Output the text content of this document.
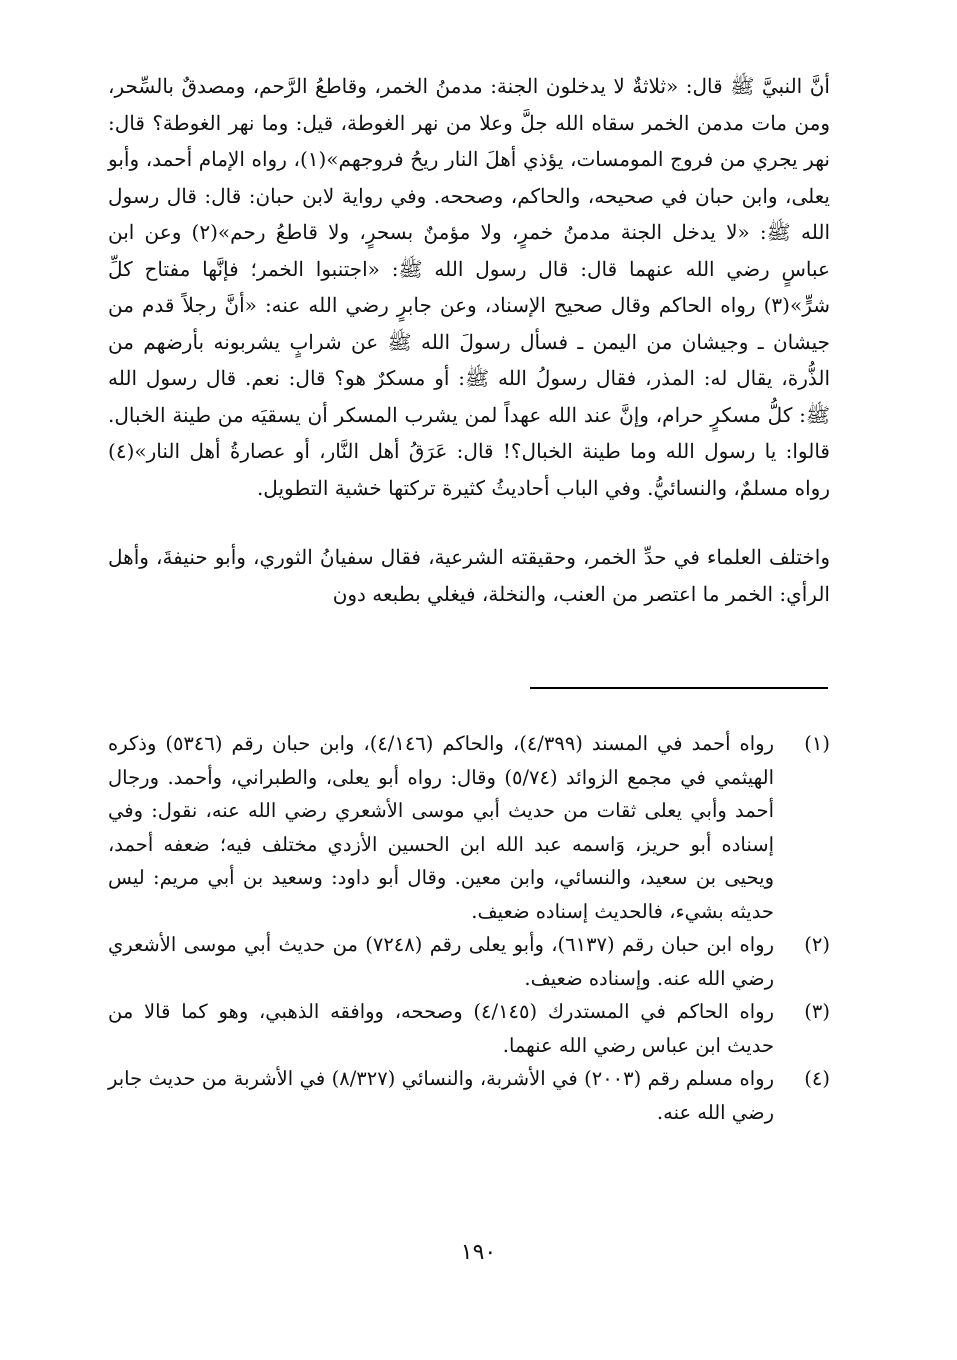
أنَّ النبيَّ ﷺ قال: «ثلاثةٌ لا يدخلون الجنة: مدمنُ الخمر، وقاطعُ الرَّحم، ومصدقٌ بالسِّحر، ومن مات مدمن الخمر سقاه الله جلَّ وعلا من نهر الغوطة، قيل: وما نهر الغوطة؟ قال: نهر يجري من فروج المومسات، يؤذي أهلَ النار ريحُ فروجهم»(١)، رواه الإمام أحمد، وأبو يعلى، وابن حبان في صحيحه، والحاكم، وصححه. وفي رواية لابن حبان: قال: قال رسول الله ﷺ: «لا يدخل الجنة مدمنُ خمرٍ، ولا مؤمنٌ بسحرٍ، ولا قاطعُ رحم»(٢) وعن ابن عباسٍ رضي الله عنهما قال: قال رسول الله ﷺ: «اجتنبوا الخمر؛ فإنَّها مفتاح كلِّ شرٍّ»(٣) رواه الحاكم وقال صحيح الإسناد، وعن جابرٍ رضي الله عنه: «أنَّ رجلاً قدم من جيشان ـ وجيشان من اليمن ـ فسأل رسولَ الله ﷺ عن شرابٍ يشربونه بأرضهم من الذُّرة، يقال له: المذر، فقال رسولُ الله ﷺ: أو مسكرٌ هو؟ قال: نعم. قال رسول الله ﷺ: كلُّ مسكرٍ حرام، وإنَّ عند الله عهداً لمن يشرب المسكر أن يسقيَه من طينة الخبال. قالوا: يا رسول الله وما طينة الخبال؟! قال: عَرَقُ أهل النَّار، أو عصارةُ أهل النار»(٤) رواه مسلمٌ، والنسائيُّ. وفي الباب أحاديثُ كثيرة تركتها خشية التطويل.

واختلف العلماء في حدِّ الخمر، وحقيقته الشرعية، فقال سفيانُ الثوري، وأبو حنيفةَ، وأهل الرأي: الخمر ما اعتصر من العنب، والنخلة، فيغلي بطبعه دون

(١)
رواه أحمد في المسند (٤/٣٩٩)، والحاكم (٤/١٤٦)، وابن حبان رقم (٥٣٤٦) وذكره الهيثمي في مجمع الزوائد (٥/٧٤) وقال: رواه أبو يعلى، والطبراني، وأحمد. ورجال أحمد وأبي يعلى ثقات من حديث أبي موسى الأشعري رضي الله عنه، نقول: وفي إسناده أبو حريز، وَاسمه عبد الله ابن الحسين الأزدي مختلف فيه؛ ضعفه أحمد، ويحيى بن سعيد، والنسائي، وابن معين. وقال أبو داود: وسعيد بن أبي مريم: ليس حديثه بشيء، فالحديث إسناده ضعيف.
(٢)
رواه ابن حبان رقم (٦١٣٧)، وأبو يعلى رقم (٧٢٤٨) من حديث أبي موسى الأشعري رضي الله عنه. وإسناده ضعيف.
(٣)
رواه الحاكم في المستدرك (٤/١٤٥) وصححه، ووافقه الذهبي، وهو كما قالا من حديث ابن عباس رضي الله عنهما.
(٤)
رواه مسلم رقم (٢٠٠٣) في الأشربة، والنسائي (٨/٣٢٧) في الأشربة من حديث جابر رضي الله عنه.
١٩٠
